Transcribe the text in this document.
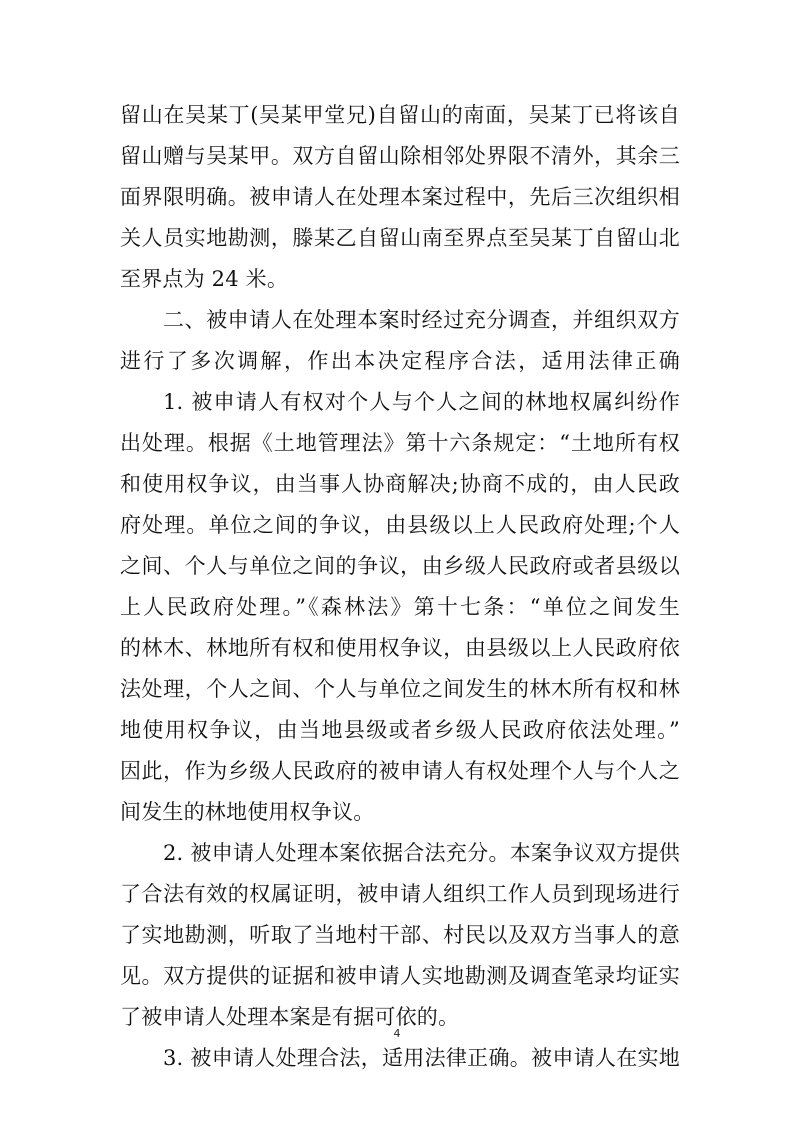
留山在吴某丁(吴某甲堂兄)自留山的南面，吴某丁已将该自
留山赠与吴某甲。双方自留山除相邻处界限不清外，其余三
面界限明确。被申请人在处理本案过程中，先后三次组织相
关人员实地勘测，滕某乙自留山南至界点至吴某丁自留山北
至界点为 24 米。
二、被申请人在处理本案时经过充分调查，并组织双方
进行了多次调解，作出本决定程序合法，适用法律正确
1. 被申请人有权对个人与个人之间的林地权属纠纷作
出处理。根据《土地管理法》第十六条规定：“土地所有权
和使用权争议，由当事人协商解决;协商不成的，由人民政
府处理。单位之间的争议，由县级以上人民政府处理;个人
之间、个人与单位之间的争议，由乡级人民政府或者县级以
上人民政府处理。”《森林法》第十七条：“单位之间发生
的林木、林地所有权和使用权争议，由县级以上人民政府依
法处理，个人之间、个人与单位之间发生的林木所有权和林
地使用权争议，由当地县级或者乡级人民政府依法处理。”
因此，作为乡级人民政府的被申请人有权处理个人与个人之
间发生的林地使用权争议。
2. 被申请人处理本案依据合法充分。本案争议双方提供
了合法有效的权属证明，被申请人组织工作人员到现场进行
了实地勘测，听取了当地村干部、村民以及双方当事人的意
见。双方提供的证据和被申请人实地勘测及调查笔录均证实
了被申请人处理本案是有据可依的。
3. 被申请人处理合法，适用法律正确。被申请人在实地
4
